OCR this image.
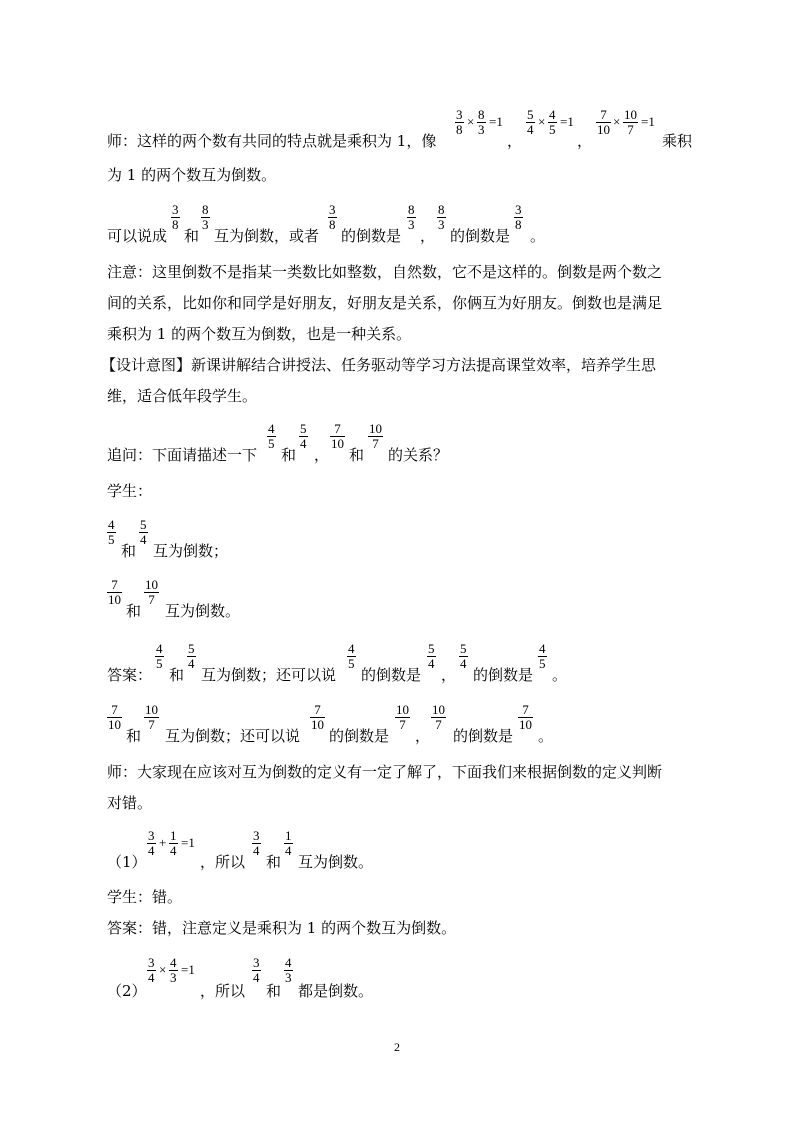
3
8
× 8
3
=1 5
4
× 4
5
=1	7
10
× 10
7
=1
师：这样的两个数有共同的特点就是乘积为 1，像	，	，	乘积
为 1 的两个数互为倒数。
可以说成
3
8
和
8
3
互为倒数，或者
3
8
的倒数是
8
3
，
8
3
的倒数是
3
8
。
注意：这里倒数不是指某一类数比如整数，自然数，它不是这样的。倒数是两个数之
间的关系，比如你和同学是好朋友，好朋友是关系，你俩互为好朋友。倒数也是满足
乘积为 1 的两个数互为倒数，也是一种关系。
【设计意图】新课讲解结合讲授法、任务驱动等学习方法提高课堂效率，培养学生思
维，适合低年段学生。
追问：下面请描述一下
4
5
和
5
4
，
7
10
和
10
7
的关系？
学生：
4
5
和
5
4
互为倒数；
7
10
和
10
7
互为倒数。
答案：
4
5
和
5
4
互为倒数；还可以说
4
5
的倒数是
5
4
，
5
4
的倒数是
4
5
。
7
10
和
10
7
互为倒数；还可以说
7
10
的倒数是
10
7
，
10
7
的倒数是
7
10
。
师：大家现在应该对互为倒数的定义有一定了解了，下面我们来根据倒数的定义判断
对错。
（1）
3
4
+ 1
4
=1
，所以
3
4
和
1
4
互为倒数。
学生：错。
答案：错，注意定义是乘积为 1 的两个数互为倒数。
（2）
3
4
× 4
3
=1
，所以
3
4
和
4
3
都是倒数。
2
